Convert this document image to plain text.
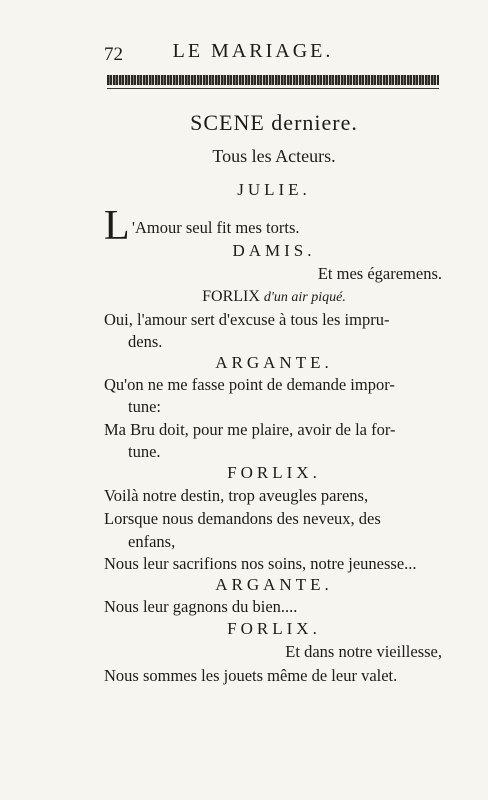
72	LE MARIAGE.
SCENE derniere.
Tous les Acteurs.
JULIE.
L 'Amour seul fit mes torts.
DAMIS.
Et mes égaremens.
FORLIX d'un air piqué.
Oui, l'amour sert d'excuse à tous les impru-
dens.
ARGANTE.
Qu'on ne me fasse point de demande impor-
tune:
Ma Bru doit, pour me plaire, avoir de la for-
tune.
FORLIX.
Voilà notre destin, trop aveugles parens,
Lorsque nous demandons des neveux, des
enfans,
Nous leur sacrifions nos soins, notre jeunesse...
ARGANTE.
Nous leur gagnons du bien....
FORLIX.
Et dans notre vieillesse,
Nous sommes les jouets même de leur valet.
